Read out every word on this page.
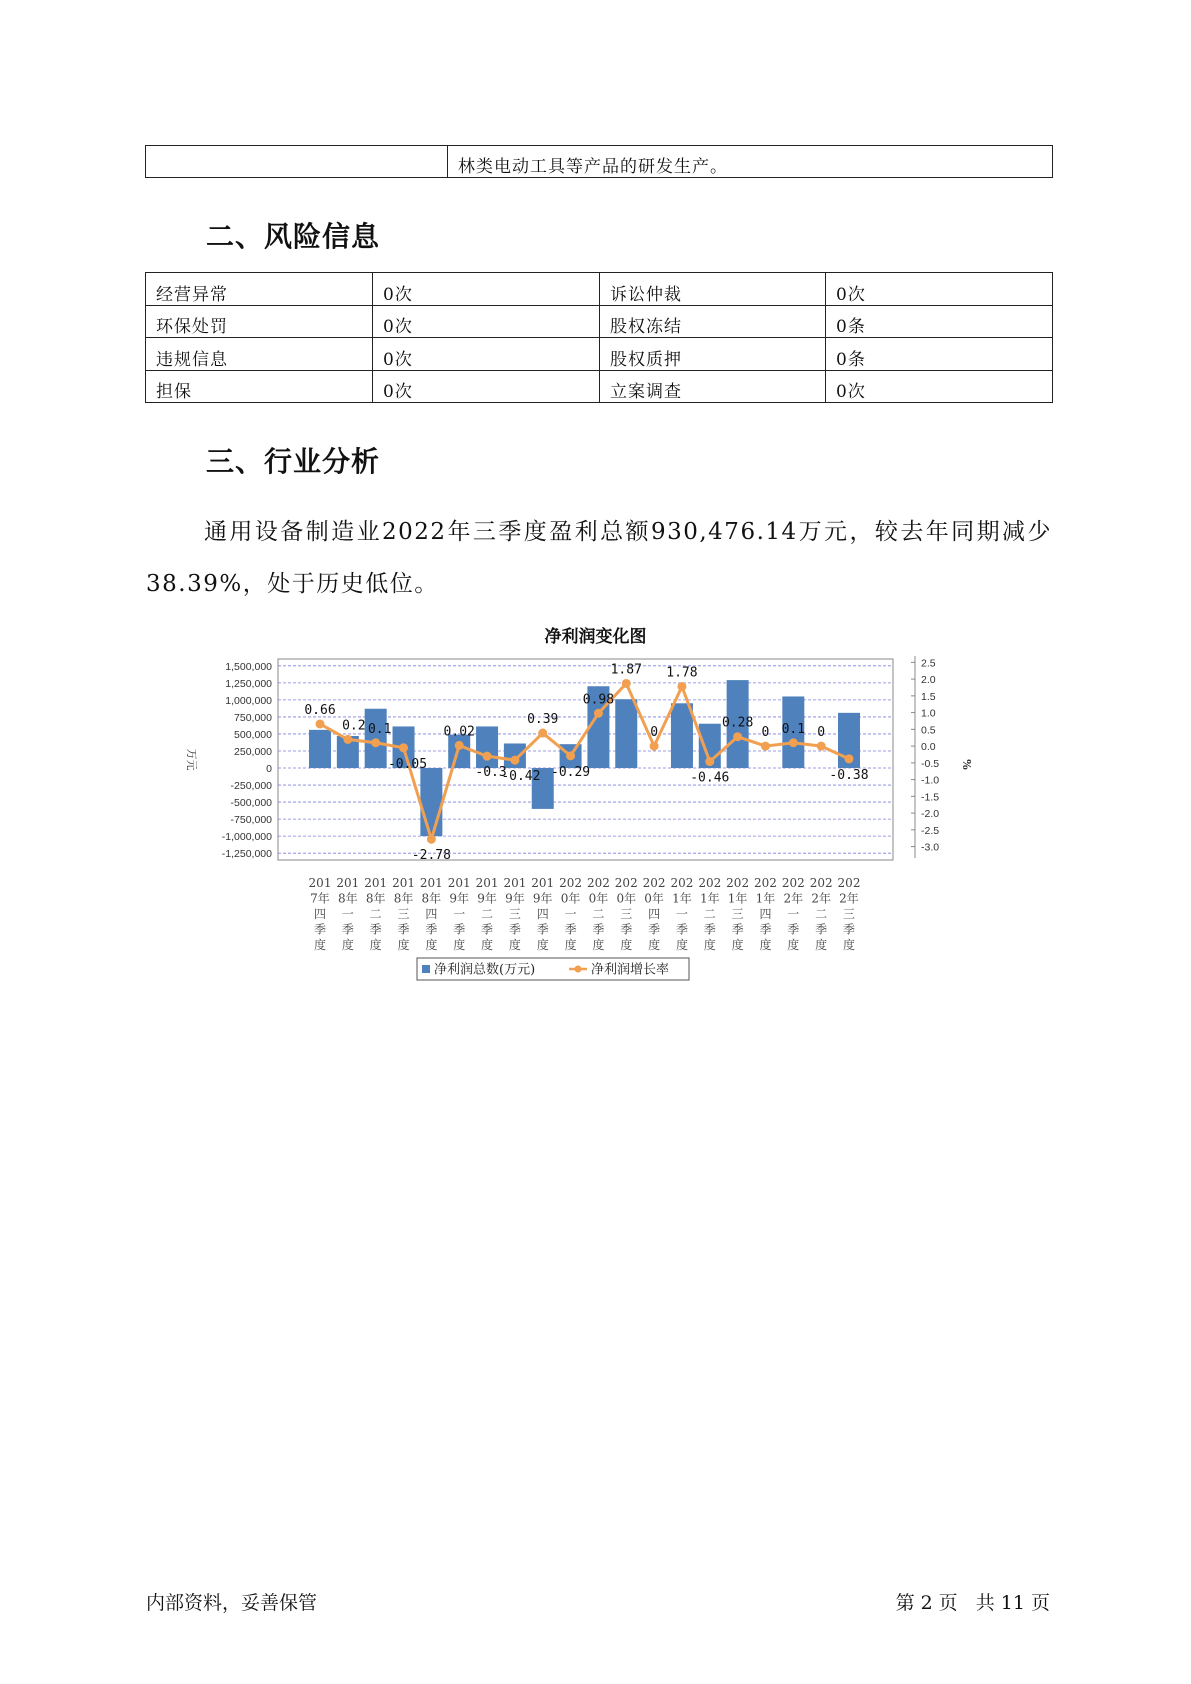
	林类电动工具等产品的研发生产。
二、风险信息
经营异常	0次	诉讼仲裁	0次
环保处罚	0次	股权冻结	0条
违规信息	0次	股权质押	0条
担保	0次	立案调查	0次
三、行业分析

通用设备制造业2022年三季度盈利总额930,476.14万元，较去年同期减少38.39%，处于历史低位。

净利润变化图
1,500,000
1,250,000
1,000,000
750,000
500,000
250,000
0
-250,000
-500,000
-750,000
-1,000,000
-1,250,000
2.5
2.0
1.5
1.0
0.5
0.0
-0.5
-1.0
-1.5
-2.0
-2.5
-3.0
万元	%
0.66
0.2 0.1
-0.05
-2.78
0.02
-0.3
-0.42
0.39
-0.29
0.98
1.87
0
1.78
-0.46
0.28
0 0.1 0
-0.38
201
7年
四
季
度
201
8年
一
季
度
201
8年
二
季
度
201
8年
三
季
度
201
8年
四
季
度
201
9年
一
季
度
201
9年
二
季
度
201
9年
三
季
度
201
9年
四
季
度
202
0年
一
季
度
202
0年
二
季
度
202
0年
三
季
度
202
0年
四
季
度
202
1年
一
季
度
202
1年
二
季
度
202
1年
三
季
度
202
1年
四
季
度
202
2年
一
季
度
202
2年
二
季
度
202
2年
三
季
度
净利润总数(万元)	净利润增长率
内部资料，妥善保管	第 2 页 共 11 页
